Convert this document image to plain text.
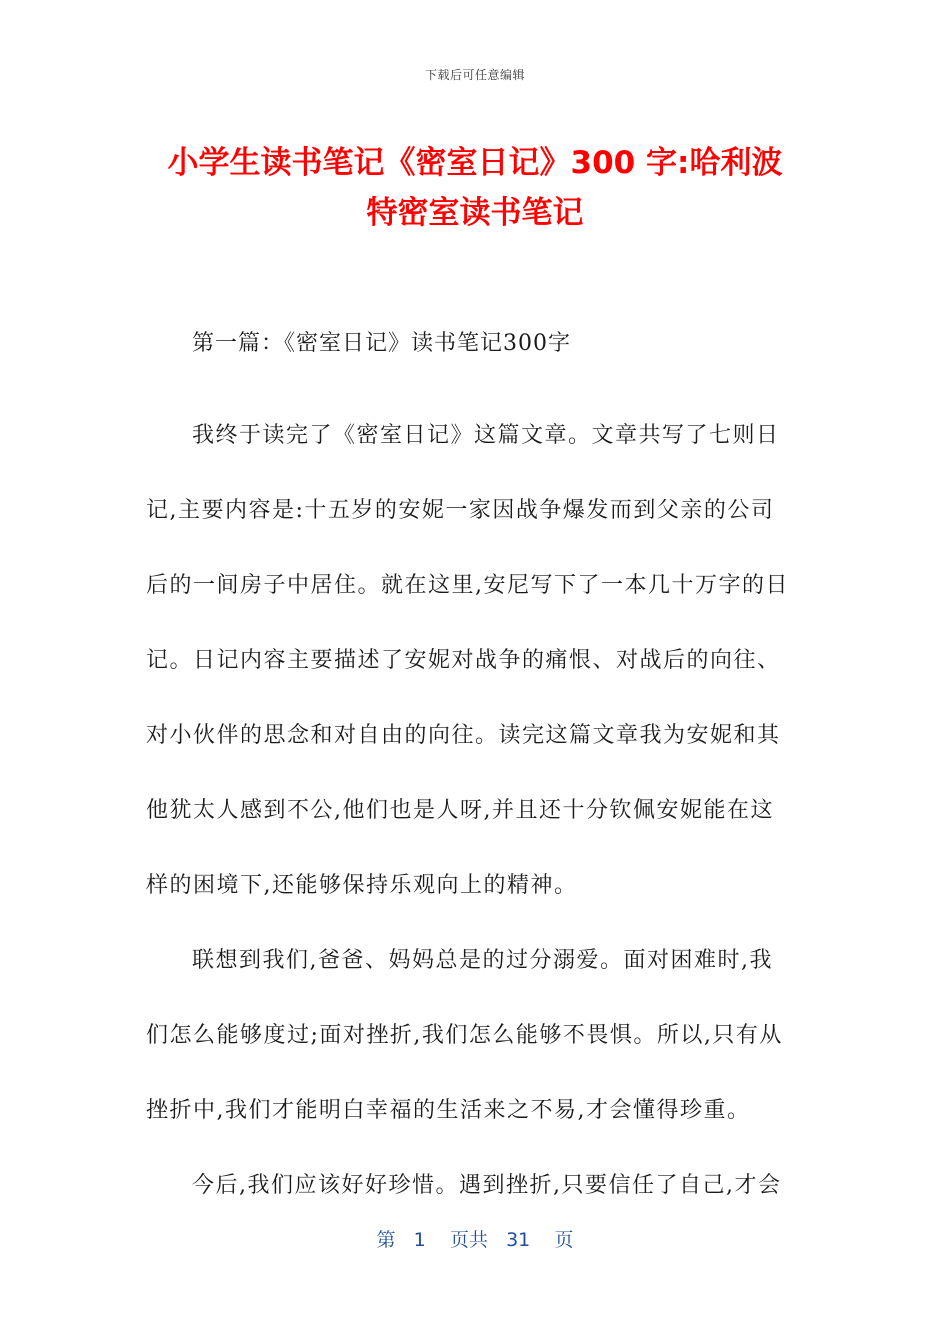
下载后可任意编辑
小学生读书笔记《密室日记》300 字:哈利波
特密室读书笔记
第一篇：《密室日记》读书笔记300字

我终于读完了《密室日记》这篇文章。文章共写了七则日
记,主要内容是:十五岁的安妮一家因战争爆发而到父亲的公司
后的一间房子中居住。就在这里,安尼写下了一本几十万字的日
记。日记内容主要描述了安妮对战争的痛恨、对战后的向往、
对小伙伴的思念和对自由的向往。读完这篇文章我为安妮和其
他犹太人感到不公,他们也是人呀,并且还十分钦佩安妮能在这
样的困境下,还能够保持乐观向上的精神。

联想到我们,爸爸、妈妈总是的过分溺爱。面对困难时,我
们怎么能够度过;面对挫折,我们怎么能够不畏惧。所以,只有从
挫折中,我们才能明白幸福的生活来之不易,才会懂得珍重。

今后,我们应该好好珍惜。遇到挫折,只要信任了自己,才会

第 1 页共 31 页
